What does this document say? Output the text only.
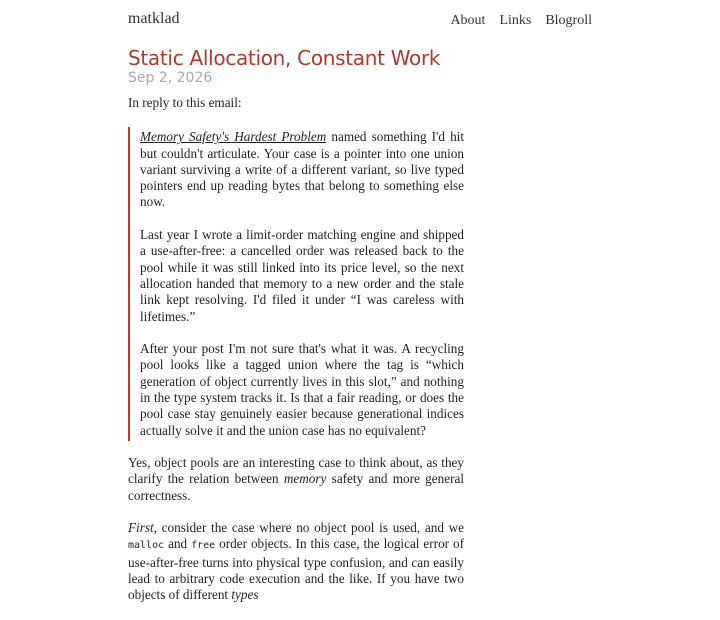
matklad	About Links Blogroll
Static Allocation, Constant Work
Sep 2, 2026

In reply to this email:

Memory Safety's Hardest Problem named something I'd hit but couldn't articulate. Your case is a pointer into one union variant surviving a write of a different variant, so live typed pointers end up reading bytes that belong to something else now.

Last year I wrote a limit-order matching engine and shipped a use-after-free: a cancelled order was released back to the pool while it was still linked into its price level, so the next allocation handed that memory to a new order and the stale link kept resolving. I'd filed it under “I was careless with lifetimes.”

After your post I'm not sure that's what it was. A recycling pool looks like a tagged union where the tag is “which generation of object currently lives in this slot,” and nothing in the type system tracks it. Is that a fair reading, or does the pool case stay genuinely easier because generational indices actually solve it and the union case has no equivalent?

Yes, object pools are an interesting case to think about, as they clarify the relation between memory safety and more general correctness.

First, consider the case where no object pool is used, and we malloc and free order objects. In this case, the logical error of use-after-free turns into physical type confusion, and can easily lead to arbitrary code execution and the like. If you have two objects of different types
